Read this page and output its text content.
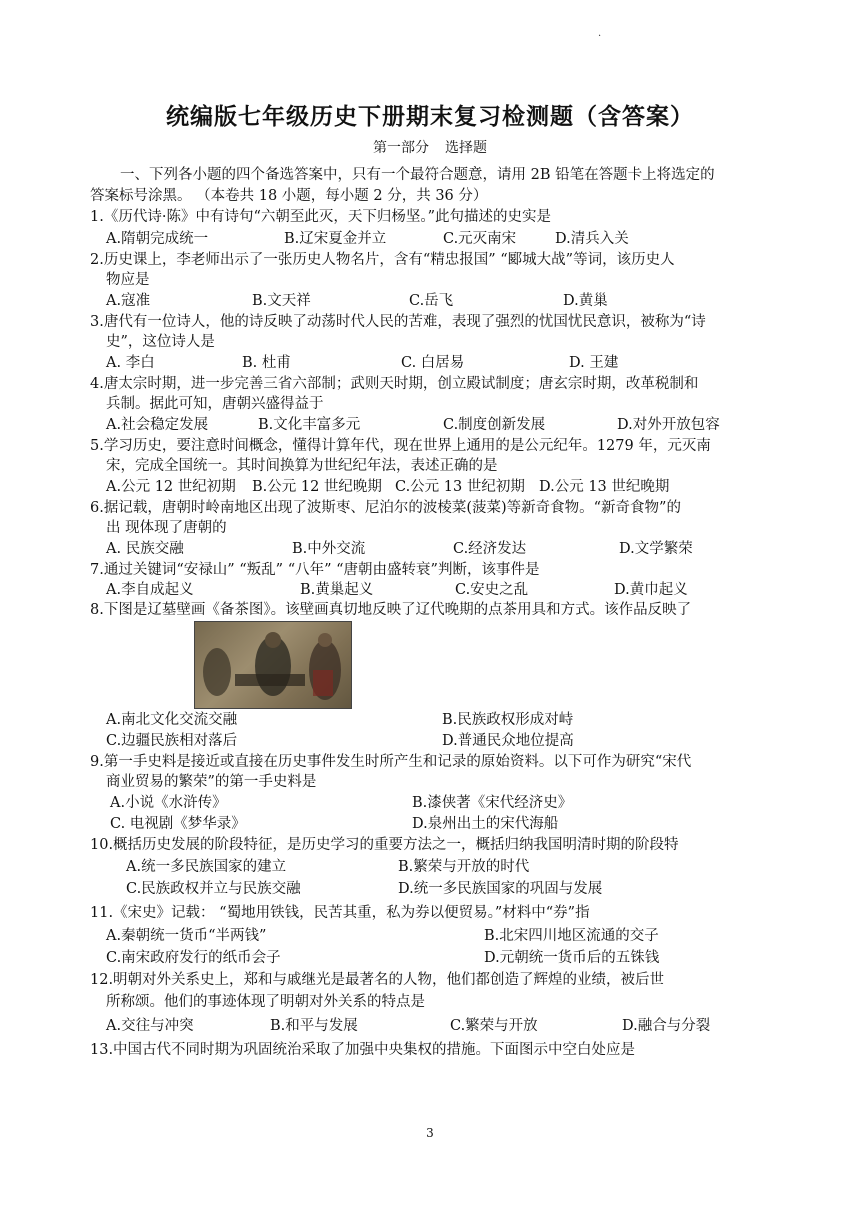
.
统编版七年级历史下册期末复习检测题（含答案）
第一部分 选择题
一、下列各小题的四个备选答案中，只有一个最符合题意，请用 2B 铅笔在答题卡上将选定的
答案标号涂黑。 （本卷共 18 小题，每小题 2 分，共 36 分）
1.《历代诗·陈》中有诗句“六朝至此灭，天下归杨坚。”此句描述的史实是
A.隋朝完成统一	B.辽宋夏金并立	C.元灭南宋	D.清兵入关
2.历史课上，李老师出示了一张历史人物名片，含有“精忠报国” “郾城大战”等词，该历史人
物应是
A.寇准	B.文天祥	C.岳飞	D.黄巢
3.唐代有一位诗人，他的诗反映了动荡时代人民的苦难，表现了强烈的忧国忧民意识，被称为“诗
史”，这位诗人是
A. 李白	B. 杜甫	C. 白居易	D. 王建
4.唐太宗时期，进一步完善三省六部制；武则天时期，创立殿试制度；唐玄宗时期，改革税制和
兵制。据此可知，唐朝兴盛得益于
A.社会稳定发展	B.文化丰富多元	C.制度创新发展	D.对外开放包容
5.学习历史，要注意时间概念，懂得计算年代，现在世界上通用的是公元纪年。1279 年，元灭南
宋，完成全国统一。其时间换算为世纪纪年法，表述正确的是
A.公元 12 世纪初期 B.公元 12 世纪晚期 C.公元 13 世纪初期 D.公元 13 世纪晚期
6.据记载，唐朝时岭南地区出现了波斯枣、尼泊尔的波棱菜(菠菜)等新奇食物。“新奇食物”的
出 现体现了唐朝的
A. 民族交融	B.中外交流	C.经济发达	D.文学繁荣
7.通过关键词“安禄山” “叛乱” “八年” “唐朝由盛转衰”判断，该事件是
A.李自成起义	B.黄巢起义	C.安史之乱	D.黄巾起义
8.下图是辽墓壁画《备茶图》。该壁画真切地反映了辽代晚期的点茶用具和方式。该作品反映了
A.南北文化交流交融	B.民族政权形成对峙
C.边疆民族相对落后	D.普通民众地位提高
9.第一手史料是接近或直接在历史事件发生时所产生和记录的原始资料。以下可作为研究“宋代
商业贸易的繁荣”的第一手史料是
A.小说《水浒传》	B.漆侠著《宋代经济史》
C. 电视剧《梦华录》	D.泉州出土的宋代海船
10.概括历史发展的阶段特征，是历史学习的重要方法之一，概括归纳我国明清时期的阶段特
A.统一多民族国家的建立	B.繁荣与开放的时代
C.民族政权并立与民族交融	D.统一多民族国家的巩固与发展
11.《宋史》记载： “蜀地用铁钱，民苦其重，私为券以便贸易。”材料中“券”指
A.秦朝统一货币“半两钱”	B.北宋四川地区流通的交子
C.南宋政府发行的纸币会子	D.元朝统一货币后的五铢钱
12.明朝对外关系史上，郑和与戚继光是最著名的人物，他们都创造了辉煌的业绩，被后世
所称颂。他们的事迹体现了明朝对外关系的特点是
A.交往与冲突	B.和平与发展	C.繁荣与开放	D.融合与分裂
13.中国古代不同时期为巩固统治采取了加强中央集权的措施。下面图示中空白处应是
3
